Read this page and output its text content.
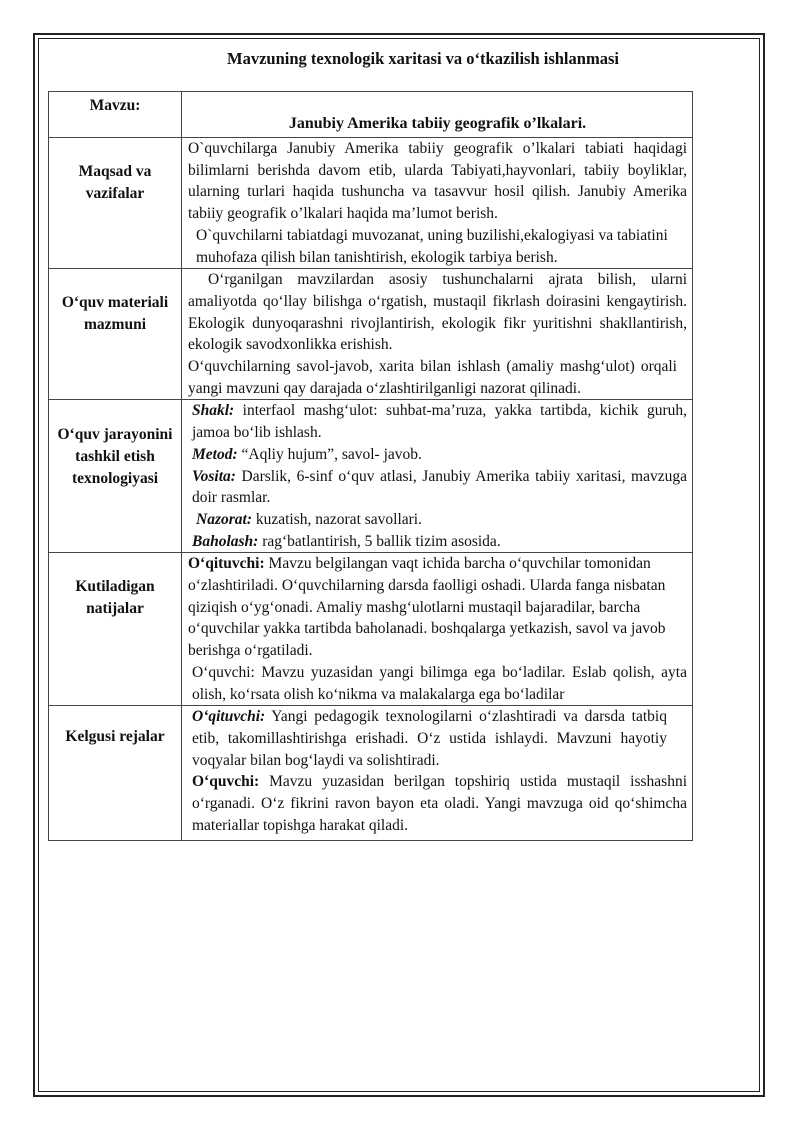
Mavzuning texnologik xaritasi va o‘tkazilish ishlanmasi
Mavzu:	Janubiy Amerika tabiiy geografik o’lkalari.
Maqsad va vazifalar	O`quvchilarga Janubiy Amerika tabiiy geografik o’lkalari tabiati haqidagi bilimlarni berishda davom etib, ularda Tabiyati,hayvonlari, tabiiy boyliklar, ularning turlari haqida tushuncha va tasavvur hosil qilish. Janubiy Amerika tabiiy geografik o’lkalari haqida ma’lumot berish.
O`quvchilarni tabiatdagi muvozanat, uning buzilishi,ekalogiyasi va tabiatini muhofaza qilish bilan tanishtirish, ekologik tarbiya berish.

O‘quv materiali mazmuni	O‘rganilgan mavzilardan asosiy tushunchalarni ajrata bilish, ularni amaliyotda qo‘llay bilishga o‘rgatish, mustaqil fikrlash doirasini kengaytirish. Ekologik dunyoqarashni rivojlantirish, ekologik fikr yuritishni shakllantirish, ekologik savodxonlikka erishish.
O‘quvchilarning savol-javob, xarita bilan ishlash (amaliy mashg‘ulot) orqali yangi mavzuni qay darajada o‘zlashtirilganligi nazorat qilinadi.

O‘quv jarayonini tashkil etish texnologiyasi	Shakl: interfaol mashg‘ulot: suhbat-ma’ruza, yakka tartibda, kichik guruh, jamoa bo‘lib ishlash.
Metod: “Aqliy hujum”, savol- javob.
Vosita: Darslik, 6-sinf o‘quv atlasi, Janubiy Amerika tabiiy xaritasi, mavzuga doir rasmlar.
Nazorat: kuzatish, nazorat savollari.
Baholash: rag‘batlantirish, 5 ballik tizim asosida.

Kutiladigan natijalar	O‘qituvchi: Mavzu belgilangan vaqt ichida barcha o‘quvchilar tomonidan o‘zlashtiriladi. O‘quvchilarning darsda faolligi oshadi. Ularda fanga nisbatan qiziqish o‘yg‘onadi. Amaliy mashg‘ulotlarni mustaqil bajaradilar, barcha o‘quvchilar yakka tartibda baholanadi. boshqalarga yetkazish, savol va javob berishga o‘rgatiladi.
O‘quvchi: Mavzu yuzasidan yangi bilimga ega bo‘ladilar. Eslab qolish, ayta olish, ko‘rsata olish ko‘nikma va malakalarga ega bo‘ladilar

Kelgusi rejalar	O‘qituvchi: Yangi pedagogik texnologilarni o‘zlashtiradi va darsda tatbiq etib, takomillashtirishga erishadi. O‘z ustida ishlaydi. Mavzuni hayotiy voqyalar bilan bog‘laydi va solishtiradi.
O‘quvchi: Mavzu yuzasidan berilgan topshiriq ustida mustaqil isshashni o‘rganadi. O‘z fikrini ravon bayon eta oladi. Yangi mavzuga oid qo‘shimcha materiallar topishga harakat qiladi.
